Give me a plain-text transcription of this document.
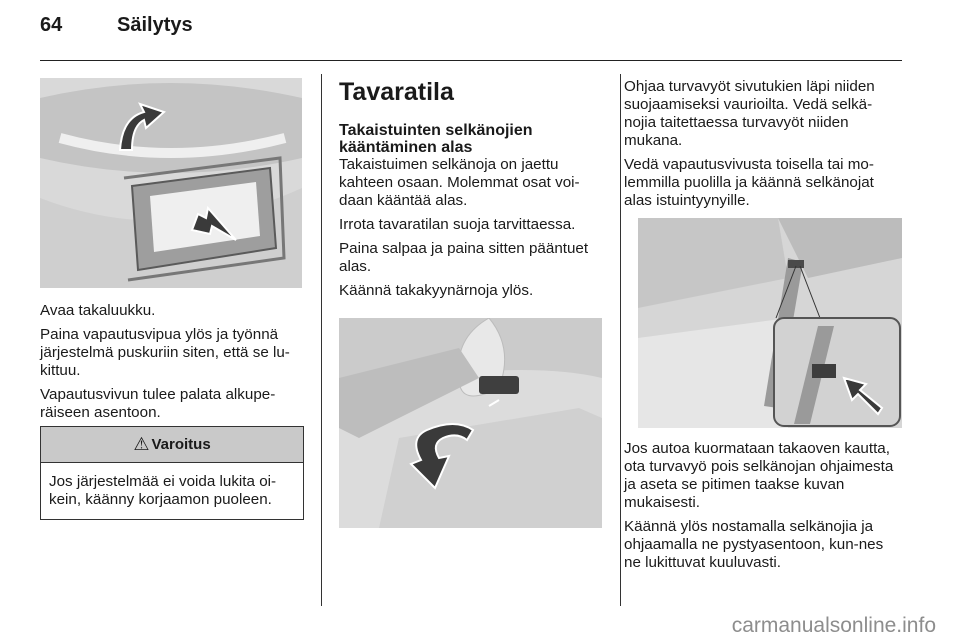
64	Säilytys

Avaa takaluukku.

Paina vapautusvipua ylös ja työnnä järjestelmä puskuriin siten, että se lu-kittuu.

Vapautusvivun tulee palata alkupe-räiseen asentoon.

⚠ Varoitus
Jos järjestelmää ei voida lukita oi-kein, käänny korjaamon puoleen.
Tavaratila
Takaistuinten selkänojien
kääntäminen alas

Takaistuimen selkänoja on jaettu kahteen osaan. Molemmat osat voi-daan kääntää alas.

Irrota tavaratilan suoja tarvittaessa.

Paina salpaa ja paina sitten pääntuet alas.

Käännä takakyynärnoja ylös.

Ohjaa turvavyöt sivutukien läpi niiden suojaamiseksi vaurioilta. Vedä selkä-nojia taitettaessa turvavyöt niiden mukana.

Vedä vapautusvivusta toisella tai mo-lemmilla puolilla ja käännä selkänojat alas istuintyynyille.

Jos autoa kuormataan takaoven kautta, ota turvavyö pois selkänojan ohjaimesta ja aseta se pitimen taakse kuvan mukaisesti.

Käännä ylös nostamalla selkänojia ja ohjaamalla ne pystyasentoon, kun-nes ne lukittuvat kuuluvasti.

carmanualsonline.info
